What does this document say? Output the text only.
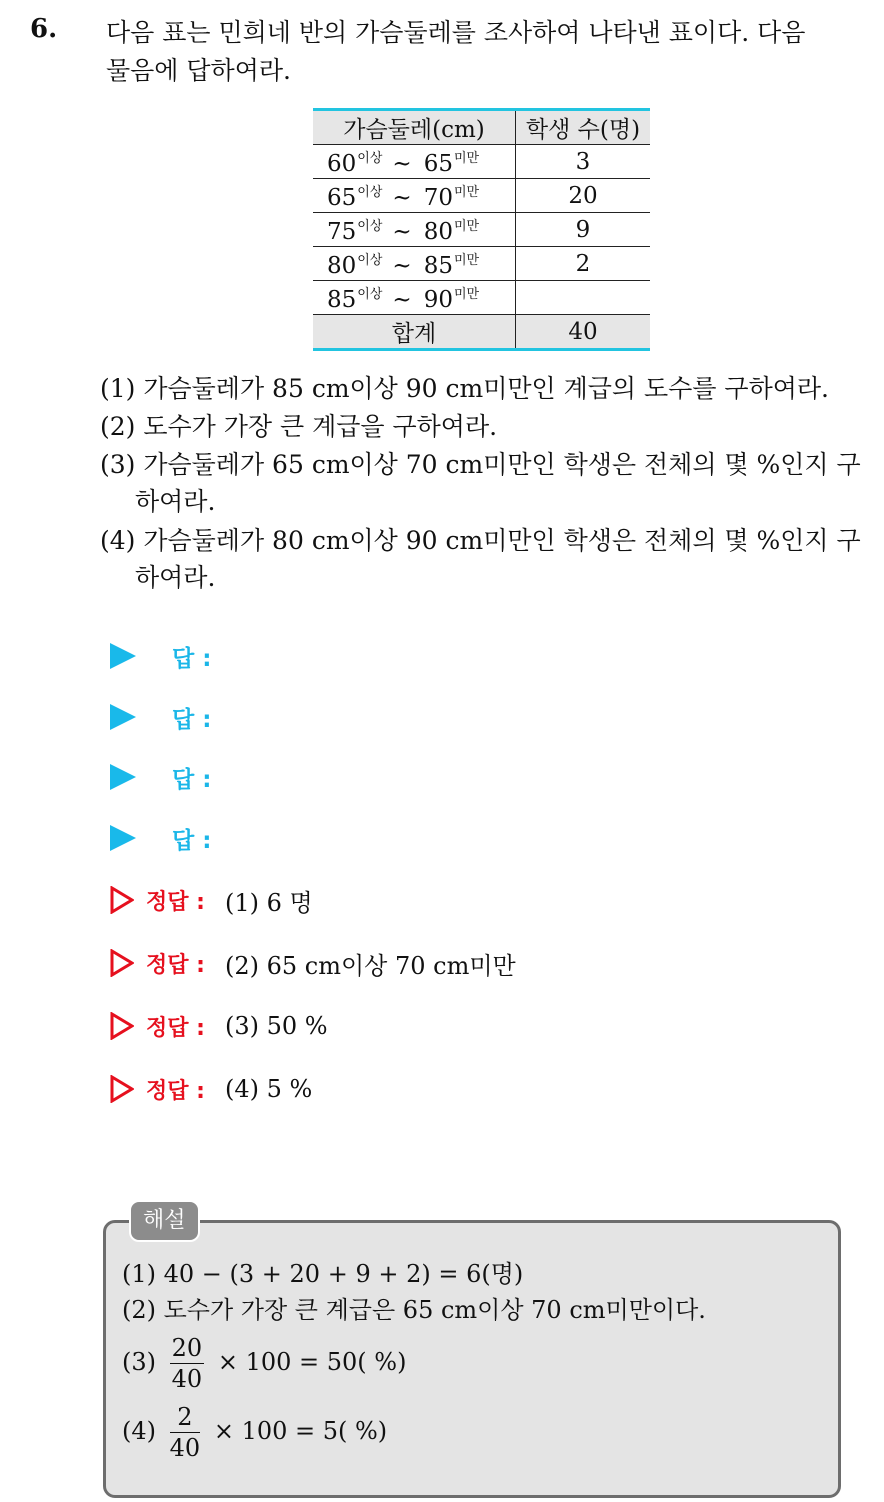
6. 다음 표는 민희네 반의 가슴둘레를 조사하여 나타낸 표이다. 다음
물음에 답하여라.
가슴둘레(cm)	학생 수(명)
$60^{이상}$ ~ $65^{미만}$	3
$65^{이상}$ ~ $70^{미만}$	20
$75^{이상}$ ~ $80^{미만}$	9
$80^{이상}$ ~ $85^{미만}$	2
$85^{이상}$ ~ $90^{미만}$	
합계	40
(1) 가슴둘레가 85 cm이상 90 cm미만인 계급의 도수를 구하여라.
(2) 도수가 가장 큰 계급을 구하여라.
(3) 가슴둘레가 65 cm이상 70 cm미만인 학생은 전체의 몇 %인지 구
하여라.
(4) 가슴둘레가 80 cm이상 90 cm미만인 학생은 전체의 몇 %인지 구
하여라.
답 :
답 :
답 :
답 :
정답 : (1) 6 명
정답 : (2) 65 cm이상 70 cm미만
정답 : (3) 50 %
정답 : (4) 5 %
해설
(1) 40 − (3 + 20 + 9 + 2) = 6(명)
(2) 도수가 가장 큰 계급은 65 cm이상 70 cm미만이다.
$(3) \frac{20}{40} \times 100 = 50$( %)
$(4) \frac{2}{40} \times 100 = 5$( %)
